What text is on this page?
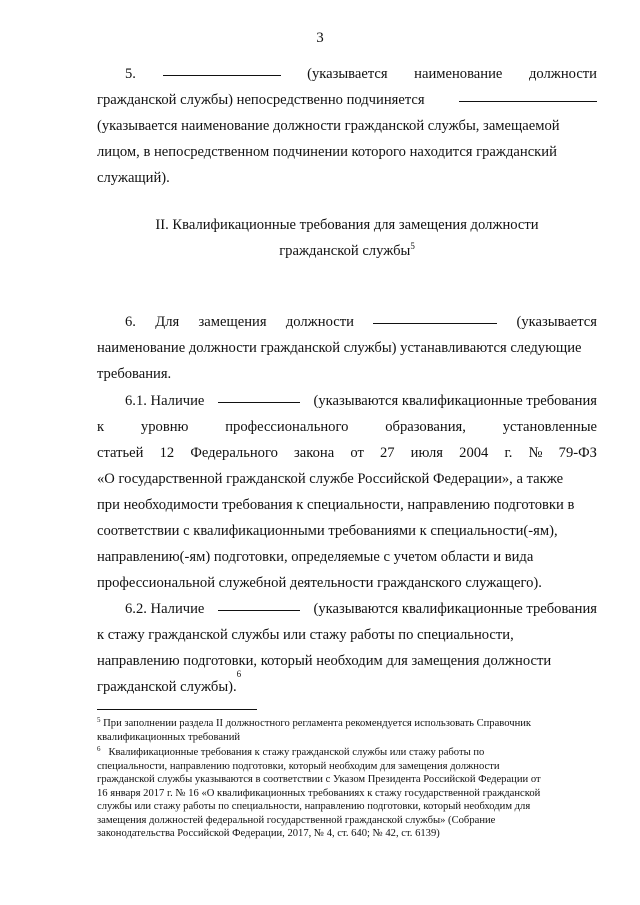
3
5.	(указывается наименование должности
гражданской службы) непосредственно подчиняется
(указывается наименование должности гражданской службы, замещаемой
лицом, в непосредственном подчинении которого находится гражданский
служащий).
II. Квалификационные требования для замещения должности
гражданской службы$^5$
6. Для замещения должности	(указывается
наименование должности гражданской службы) устанавливаются следующие
требования.
6.1. Наличие	(указываются квалификационные требования
к	уровню	профессионального	образования,	установленные
статьей 12 Федерального закона от 27 июля 2004 г. № 79-ФЗ
«О государственной гражданской службе Российской Федерации», а также
при необходимости требования к специальности, направлению подготовки в
соответствии с квалификационными требованиями к специальности(-ям),
направлению(-ям) подготовки, определяемые с учетом области и вида
профессиональной служебной деятельности гражданского служащего).
6.2. Наличие	(указываются квалификационные требования
к стажу гражданской службы или стажу работы по специальности,
направлению подготовки, который необходим для замещения должности
гражданской службы).
6
$^5$ При заполнении раздела II должностного регламента рекомендуется использовать Справочник
квалификационных требований
$^6$ Квалификационные требования к стажу гражданской службы или стажу работы по
специальности, направлению подготовки, который необходим для замещения должности
гражданской службы указываются в соответствии с Указом Президента Российской Федерации от
16 января 2017 г. № 16 «О квалификационных требованиях к стажу государственной гражданской
службы или стажу работы по специальности, направлению подготовки, который необходим для
замещения должностей федеральной государственной гражданской службы» (Собрание
законодательства Российской Федерации, 2017, № 4, ст. 640; № 42, ст. 6139)
